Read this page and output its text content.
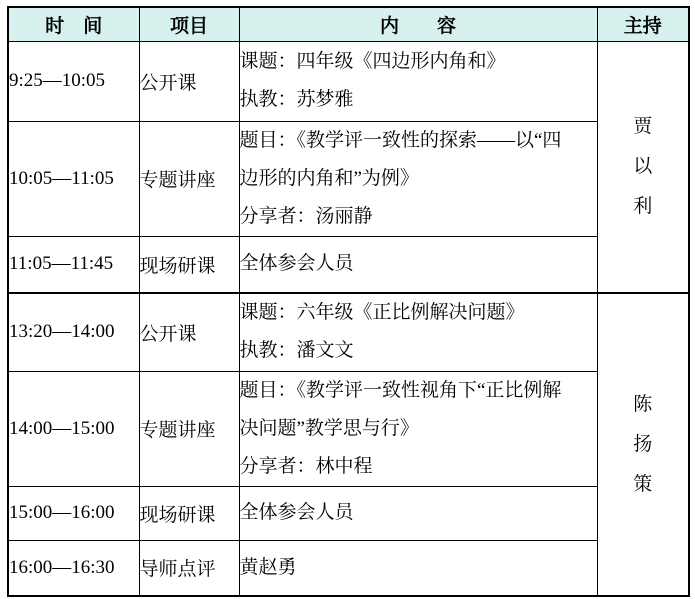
时　间	项目	内　　容	主持
9:25—10:05	公开课	课题：四年级《四边形内角和》
执教：苏梦雅	贾以利

10:05—11:05	专题讲座	题目：《教学评一致性的探索——以“四
边形的内角和”为例》
分享者：汤丽静	

11:05—11:45	现场研课	全体参会人员	

13:20—14:00	公开课	课题：六年级《正比例解决问题》
执教：潘文文	陈扬策

14:00—15:00	专题讲座	题目：《教学评一致性视角下“正比例解
决问题”教学思与行》
分享者：林中程	

15:00—16:00	现场研课	全体参会人员	

16:00—16:30	导师点评	黄赵勇	
